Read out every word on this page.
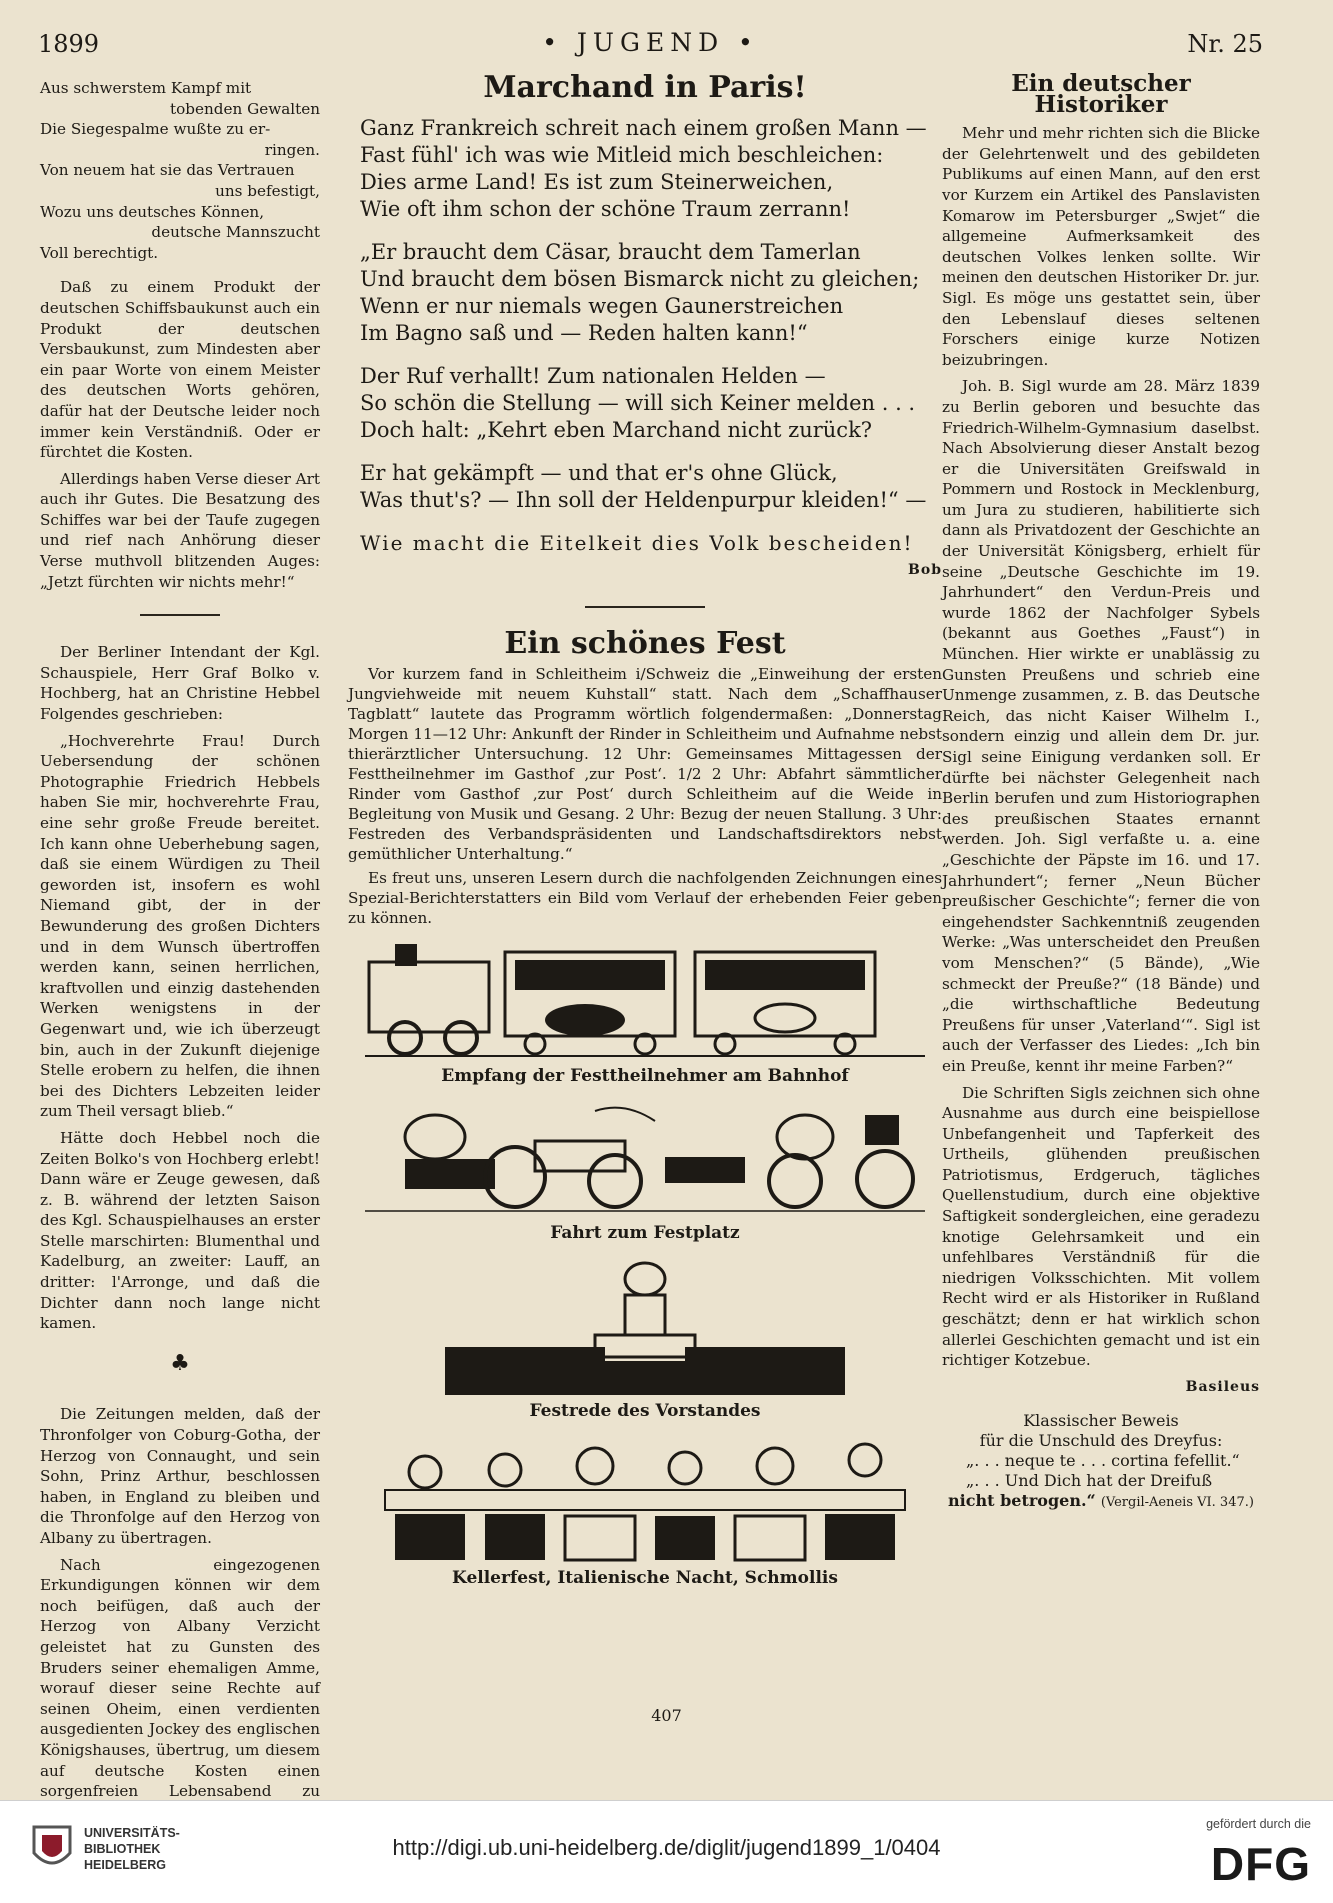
1899	• JUGEND •	Nr. 25
Aus schwerstem Kampf mit
tobenden Gewalten
Die Siegespalme wußte zu er-
ringen.
Von neuem hat sie das Vertrauen
uns befestigt,
Wozu uns deutsches Können,
deutsche Mannszucht
Voll berechtigt.

Daß zu einem Produkt der deutschen Schiffsbaukunst auch ein Produkt der deutschen Versbaukunst, zum Mindesten aber ein paar Worte von einem Meister des deutschen Worts gehören, dafür hat der Deutsche leider noch immer kein Verständniß. Oder er fürchtet die Kosten.

Allerdings haben Verse dieser Art auch ihr Gutes. Die Besatzung des Schiffes war bei der Taufe zugegen und rief nach Anhörung dieser Verse muthvoll blitzenden Auges: „Jetzt fürchten wir nichts mehr!“

Der Berliner Intendant der Kgl. Schauspiele, Herr Graf Bolko v. Hochberg, hat an Christine Hebbel Folgendes geschrieben:

„Hochverehrte Frau! Durch Uebersendung der schönen Photographie Friedrich Hebbels haben Sie mir, hochverehrte Frau, eine sehr große Freude bereitet. Ich kann ohne Ueberhebung sagen, daß sie einem Würdigen zu Theil geworden ist, insofern es wohl Niemand gibt, der in der Bewunderung des großen Dichters und in dem Wunsch übertroffen werden kann, seinen herrlichen, kraftvollen und einzig dastehenden Werken wenigstens in der Gegenwart und, wie ich überzeugt bin, auch in der Zukunft diejenige Stelle erobern zu helfen, die ihnen bei des Dichters Lebzeiten leider zum Theil versagt blieb.“

Hätte doch Hebbel noch die Zeiten Bolko's von Hochberg erlebt! Dann wäre er Zeuge gewesen, daß z. B. während der letzten Saison des Kgl. Schauspielhauses an erster Stelle marschirten: Blumenthal und Kadelburg, an zweiter: Lauff, an dritter: l'Arronge, und daß die Dichter dann noch lange nicht kamen.

♣

Die Zeitungen melden, daß der Thronfolger von Coburg-Gotha, der Herzog von Connaught, und sein Sohn, Prinz Arthur, beschlossen haben, in England zu bleiben und die Thronfolge auf den Herzog von Albany zu übertragen.

Nach eingezogenen Erkundigungen können wir dem noch beifügen, daß auch der Herzog von Albany Verzicht geleistet hat zu Gunsten des Bruders seiner ehemaligen Amme, worauf dieser seine Rechte auf seinen Oheim, einen verdienten ausgedienten Jockey des englischen Königshauses, übertrug, um diesem auf deutsche Kosten einen sorgenfreien Lebensabend zu

Marchand in Paris!
Ganz Frankreich schreit nach einem großen Mann —
Fast fühl' ich was wie Mitleid mich beschleichen:
Dies arme Land! Es ist zum Steinerweichen,
Wie oft ihm schon der schöne Traum zerrann!
„Er braucht dem Cäsar, braucht dem Tamerlan
Und braucht dem bösen Bismarck nicht zu gleichen;
Wenn er nur niemals wegen Gaunerstreichen
Im Bagno saß und — Reden halten kann!“
Der Ruf verhallt! Zum nationalen Helden —
So schön die Stellung — will sich Keiner melden . . .
Doch halt: „Kehrt eben Marchand nicht zurück?
Er hat gekämpft — und that er's ohne Glück,
Was thut's? — Ihn soll der Heldenpurpur kleiden!“ —
Wie macht die Eitelkeit dies Volk bescheiden!
Bob
Ein schönes Fest

Vor kurzem fand in Schleitheim i/Schweiz die „Einweihung der ersten Jungviehweide mit neuem Kuhstall“ statt. Nach dem „Schaffhauser Tagblatt“ lautete das Programm wörtlich folgendermaßen: „Donnerstag Morgen 11—12 Uhr: Ankunft der Rinder in Schleitheim und Aufnahme nebst thierärztlicher Untersuchung. 12 Uhr: Gemeinsames Mittagessen der Festtheilnehmer im Gasthof ‚zur Post‘. 1/2 2 Uhr: Abfahrt sämmtlicher Rinder vom Gasthof ‚zur Post‘ durch Schleitheim auf die Weide in Begleitung von Musik und Gesang. 2 Uhr: Bezug der neuen Stallung. 3 Uhr: Festreden des Verbandspräsidenten und Landschaftsdirektors nebst gemüthlicher Unterhaltung.“

Es freut uns, unseren Lesern durch die nachfolgenden Zeichnungen eines Spezial-Berichterstatters ein Bild vom Verlauf der erhebenden Feier geben zu können.

Empfang der Festtheilnehmer am Bahnhof
Fahrt zum Festplatz
Festrede des Vorstandes
Kellerfest, Italienische Nacht, Schmollis
Ein deutscher Historiker

Mehr und mehr richten sich die Blicke der Gelehrtenwelt und des gebildeten Publikums auf einen Mann, auf den erst vor Kurzem ein Artikel des Panslavisten Komarow im Petersburger „Swjet“ die allgemeine Aufmerksamkeit des deutschen Volkes lenken sollte. Wir meinen den deutschen Historiker Dr. jur. Sigl. Es möge uns gestattet sein, über den Lebenslauf dieses seltenen Forschers einige kurze Notizen beizubringen.

Joh. B. Sigl wurde am 28. März 1839 zu Berlin geboren und besuchte das Friedrich-Wilhelm-Gymnasium daselbst. Nach Absolvierung dieser Anstalt bezog er die Universitäten Greifswald in Pommern und Rostock in Mecklenburg, um Jura zu studieren, habilitierte sich dann als Privatdozent der Geschichte an der Universität Königsberg, erhielt für seine „Deutsche Geschichte im 19. Jahrhundert“ den Verdun-Preis und wurde 1862 der Nachfolger Sybels (bekannt aus Goethes „Faust“) in München. Hier wirkte er unablässig zu Gunsten Preußens und schrieb eine Unmenge zusammen, z. B. das Deutsche Reich, das nicht Kaiser Wilhelm I., sondern einzig und allein dem Dr. jur. Sigl seine Einigung verdanken soll. Er dürfte bei nächster Gelegenheit nach Berlin berufen und zum Historiographen des preußischen Staates ernannt werden. Joh. Sigl verfaßte u. a. eine „Geschichte der Päpste im 16. und 17. Jahrhundert“; ferner „Neun Bücher preußischer Geschichte“; ferner die von eingehendster Sachkenntniß zeugenden Werke: „Was unterscheidet den Preußen vom Menschen?“ (5 Bände), „Wie schmeckt der Preuße?“ (18 Bände) und „die wirthschaftliche Bedeutung Preußens für unser ‚Vaterland‘“. Sigl ist auch der Verfasser des Liedes: „Ich bin ein Preuße, kennt ihr meine Farben?“

Die Schriften Sigls zeichnen sich ohne Ausnahme aus durch eine beispiellose Unbefangenheit und Tapferkeit des Urtheils, glühenden preußischen Patriotismus, Erdgeruch, tägliches Quellenstudium, durch eine objektive Saftigkeit sondergleichen, eine geradezu knotige Gelehrsamkeit und ein unfehlbares Verständniß für die niedrigen Volksschichten. Mit vollem Recht wird er als Historiker in Rußland geschätzt; denn er hat wirklich schon allerlei Geschichten gemacht und ist ein richtiger Kotzebue.

Basileus
Klassischer Beweis
für die Unschuld des Dreyfus:
„. . . neque te . . . cortina fefellit.“
„. . . Und Dich hat der Dreifuß
nicht betrogen.“ (Vergil-Aeneis VI. 347.)
407
UNIVERSITÄTS-
BIBLIOTHEK
HEIDELBERG
http://digi.ub.uni-heidelberg.de/diglit/jugend1899_1/0404
gefördert durch die
DFG
